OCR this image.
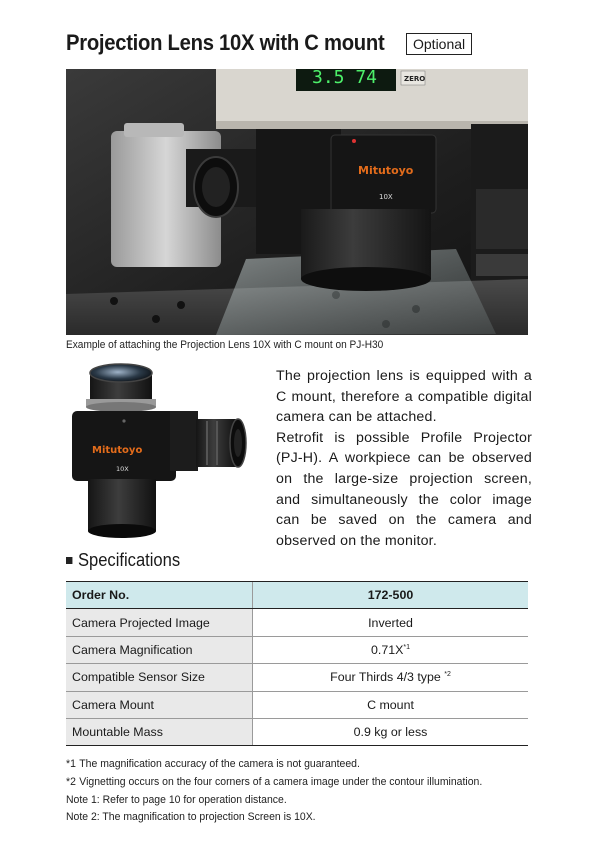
Projection Lens 10X with C mount	Optional
3.5 74	ZERO
Mitutoyo
10X
Example of attaching the Projection Lens 10X with C mount on PJ-H30
Mitutoyo
10X

The projection lens is equipped with a C mount, therefore a compatible digital camera can be attached.

Retrofit is possible Profile Projector (PJ-H). A workpiece can be observed on the large-size projection screen, and simultaneously the color image can be saved on the camera and observed on the monitor.

Specifications
Order No.	172-500
Camera Projected Image	Inverted
Camera Magnification	$0.71X^{*1}$
Compatible Sensor Size	Four Thirds 4/3 type $^{*2}$
Camera Mount	C mount
Mountable Mass	0.9 kg or less
*1 The magnification accuracy of the camera is not guaranteed.
*2 Vignetting occurs on the four corners of a camera image under the contour illumination.
Note 1: Refer to page 10 for operation distance.
Note 2: The magnification to projection Screen is 10X.
